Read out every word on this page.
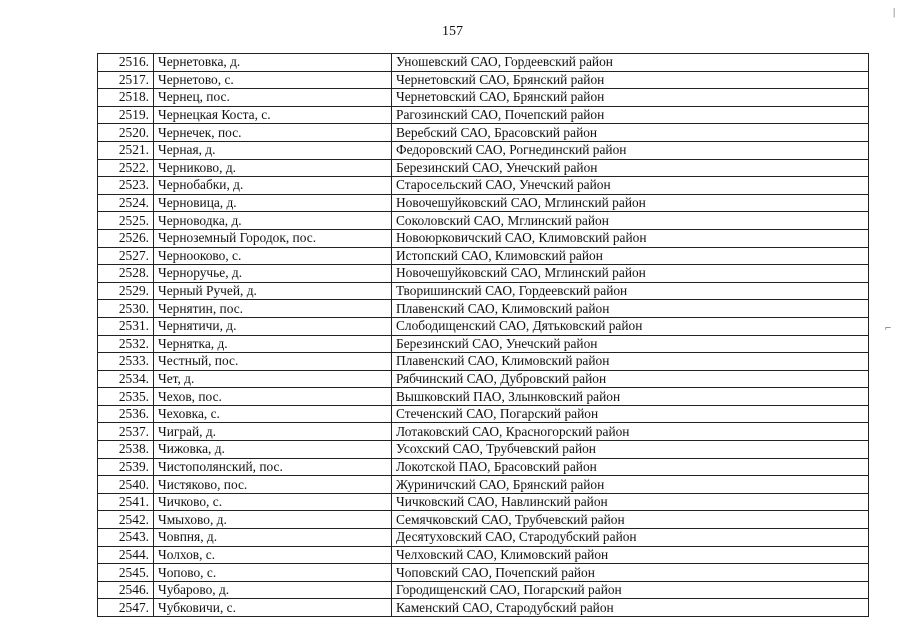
157
|
⌐
2516.	Чернетовка, д.	Уношевский САО, Гордеевский район
2517.	Чернетово, с.	Чернетовский САО, Брянский район
2518.	Чернец, пос.	Чернетовский САО, Брянский район
2519.	Чернецкая Коста, с.	Рагозинский САО, Почепский район
2520.	Чернечек, пос.	Веребский САО, Брасовский район
2521.	Черная, д.	Федоровский САО, Рогнединский район
2522.	Черниково, д.	Березинский САО, Унечский район
2523.	Чернобабки, д.	Старосельский САО, Унечский район
2524.	Черновица, д.	Новочешуйковский САО, Мглинский район
2525.	Черноводка, д.	Соколовский САО, Мглинский район
2526.	Черноземный Городок, пос.	Новоюрковичский САО, Климовский район
2527.	Чернооково, с.	Истопский САО, Климовский район
2528.	Черноручье, д.	Новочешуйковский САО, Мглинский район
2529.	Черный Ручей, д.	Творишинский САО, Гордеевский район
2530.	Чернятин, пос.	Плавенский САО, Климовский район
2531.	Чернятичи, д.	Слободищенский САО, Дятьковский район
2532.	Чернятка, д.	Березинский САО, Унечский район
2533.	Честный, пос.	Плавенский САО, Климовский район
2534.	Чет, д.	Рябчинский САО, Дубровский район
2535.	Чехов, пос.	Вышковский ПАО, Злынковский район
2536.	Чеховка, с.	Стеченский САО, Погарский район
2537.	Чиграй, д.	Лотаковский САО, Красногорский район
2538.	Чижовка, д.	Усохский САО, Трубчевский район
2539.	Чистополянский, пос.	Локотской ПАО, Брасовский район
2540.	Чистяково, пос.	Журиничский САО, Брянский район
2541.	Чичково, с.	Чичковский САО, Навлинский район
2542.	Чмыхово, д.	Семячковский САО, Трубчевский район
2543.	Човпня, д.	Десятуховский САО, Стародубский район
2544.	Чолхов, с.	Челховский САО, Климовский район
2545.	Чопово, с.	Чоповский САО, Почепский район
2546.	Чубарово, д.	Городищенский САО, Погарский район
2547.	Чубковичи, с.	Каменский САО, Стародубский район
